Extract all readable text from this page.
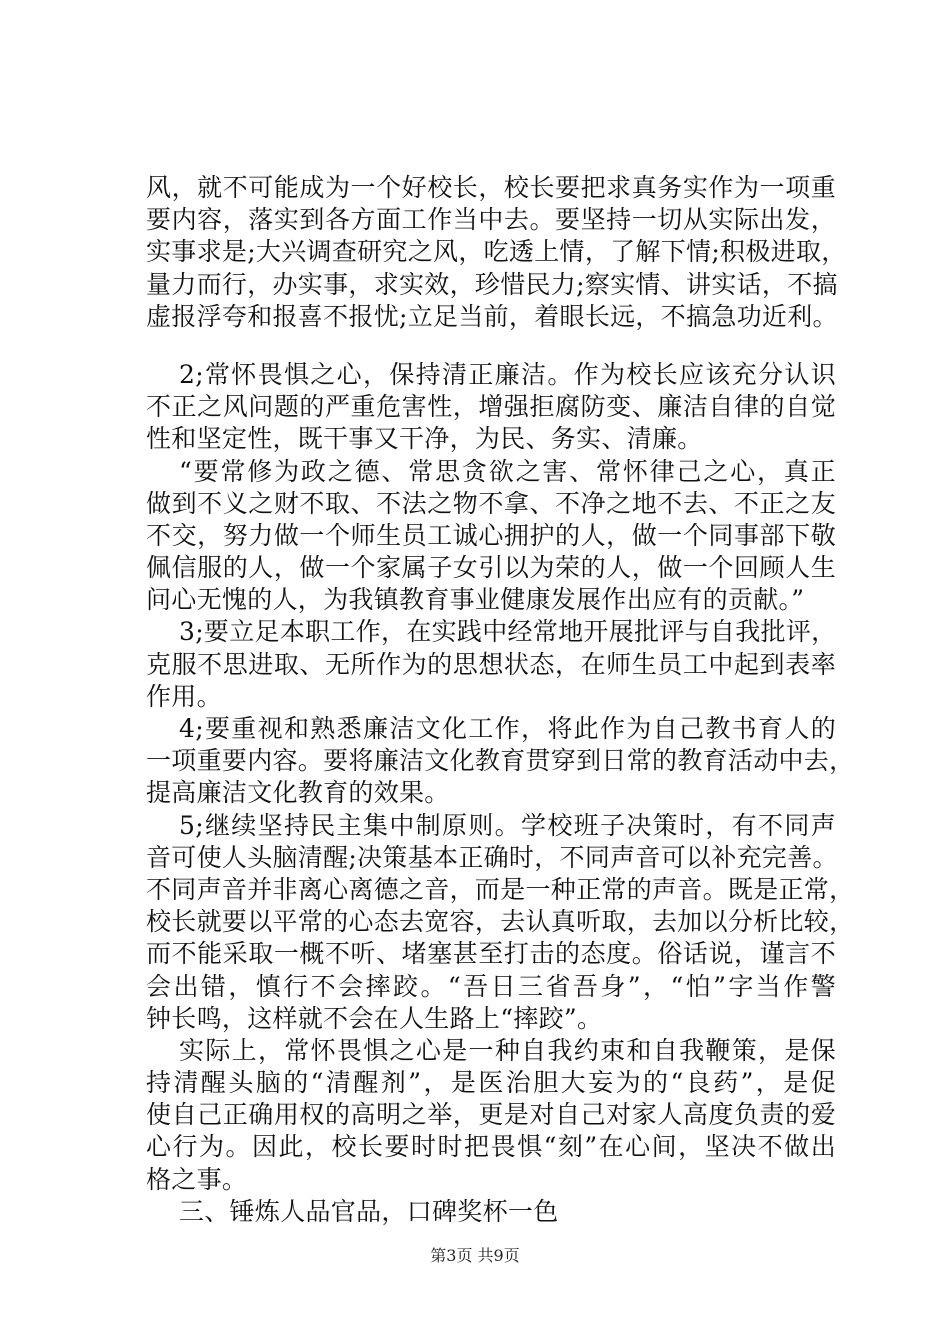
风，就不可能成为一个好校长，校长要把求真务实作为一项重
要内容，落实到各方面工作当中去。要坚持一切从实际出发，
实事求是;大兴调查研究之风，吃透上情，了解下情;积极进取，
量力而行，办实事，求实效，珍惜民力;察实情、讲实话，不搞
虚报浮夸和报喜不报忧;立足当前，着眼长远，不搞急功近利。
2;常怀畏惧之心，保持清正廉洁。作为校长应该充分认识
不正之风问题的严重危害性，增强拒腐防变、廉洁自律的自觉
性和坚定性，既干事又干净，为民、务实、清廉。
“要常修为政之德、常思贪欲之害、常怀律己之心，真正
做到不义之财不取、不法之物不拿、不净之地不去、不正之友
不交，努力做一个师生员工诚心拥护的人，做一个同事部下敬
佩信服的人，做一个家属子女引以为荣的人，做一个回顾人生
问心无愧的人，为我镇教育事业健康发展作出应有的贡献。”
3;要立足本职工作，在实践中经常地开展批评与自我批评，
克服不思进取、无所作为的思想状态，在师生员工中起到表率
作用。
4;要重视和熟悉廉洁文化工作，将此作为自己教书育人的
一项重要内容。要将廉洁文化教育贯穿到日常的教育活动中去，
提高廉洁文化教育的效果。
5;继续坚持民主集中制原则。学校班子决策时，有不同声
音可使人头脑清醒;决策基本正确时，不同声音可以补充完善。
不同声音并非离心离德之音，而是一种正常的声音。既是正常，
校长就要以平常的心态去宽容，去认真听取，去加以分析比较，
而不能采取一概不听、堵塞甚至打击的态度。俗话说，谨言不
会出错，慎行不会摔跤。“吾日三省吾身”，“怕”字当作警
钟长鸣，这样就不会在人生路上“摔跤”。
实际上，常怀畏惧之心是一种自我约束和自我鞭策，是保
持清醒头脑的“清醒剂”，是医治胆大妄为的“良药”，是促
使自己正确用权的高明之举，更是对自己对家人高度负责的爱
心行为。因此，校长要时时把畏惧“刻”在心间，坚决不做出
格之事。
三、锤炼人品官品，口碑奖杯一色
第3页 共9页
